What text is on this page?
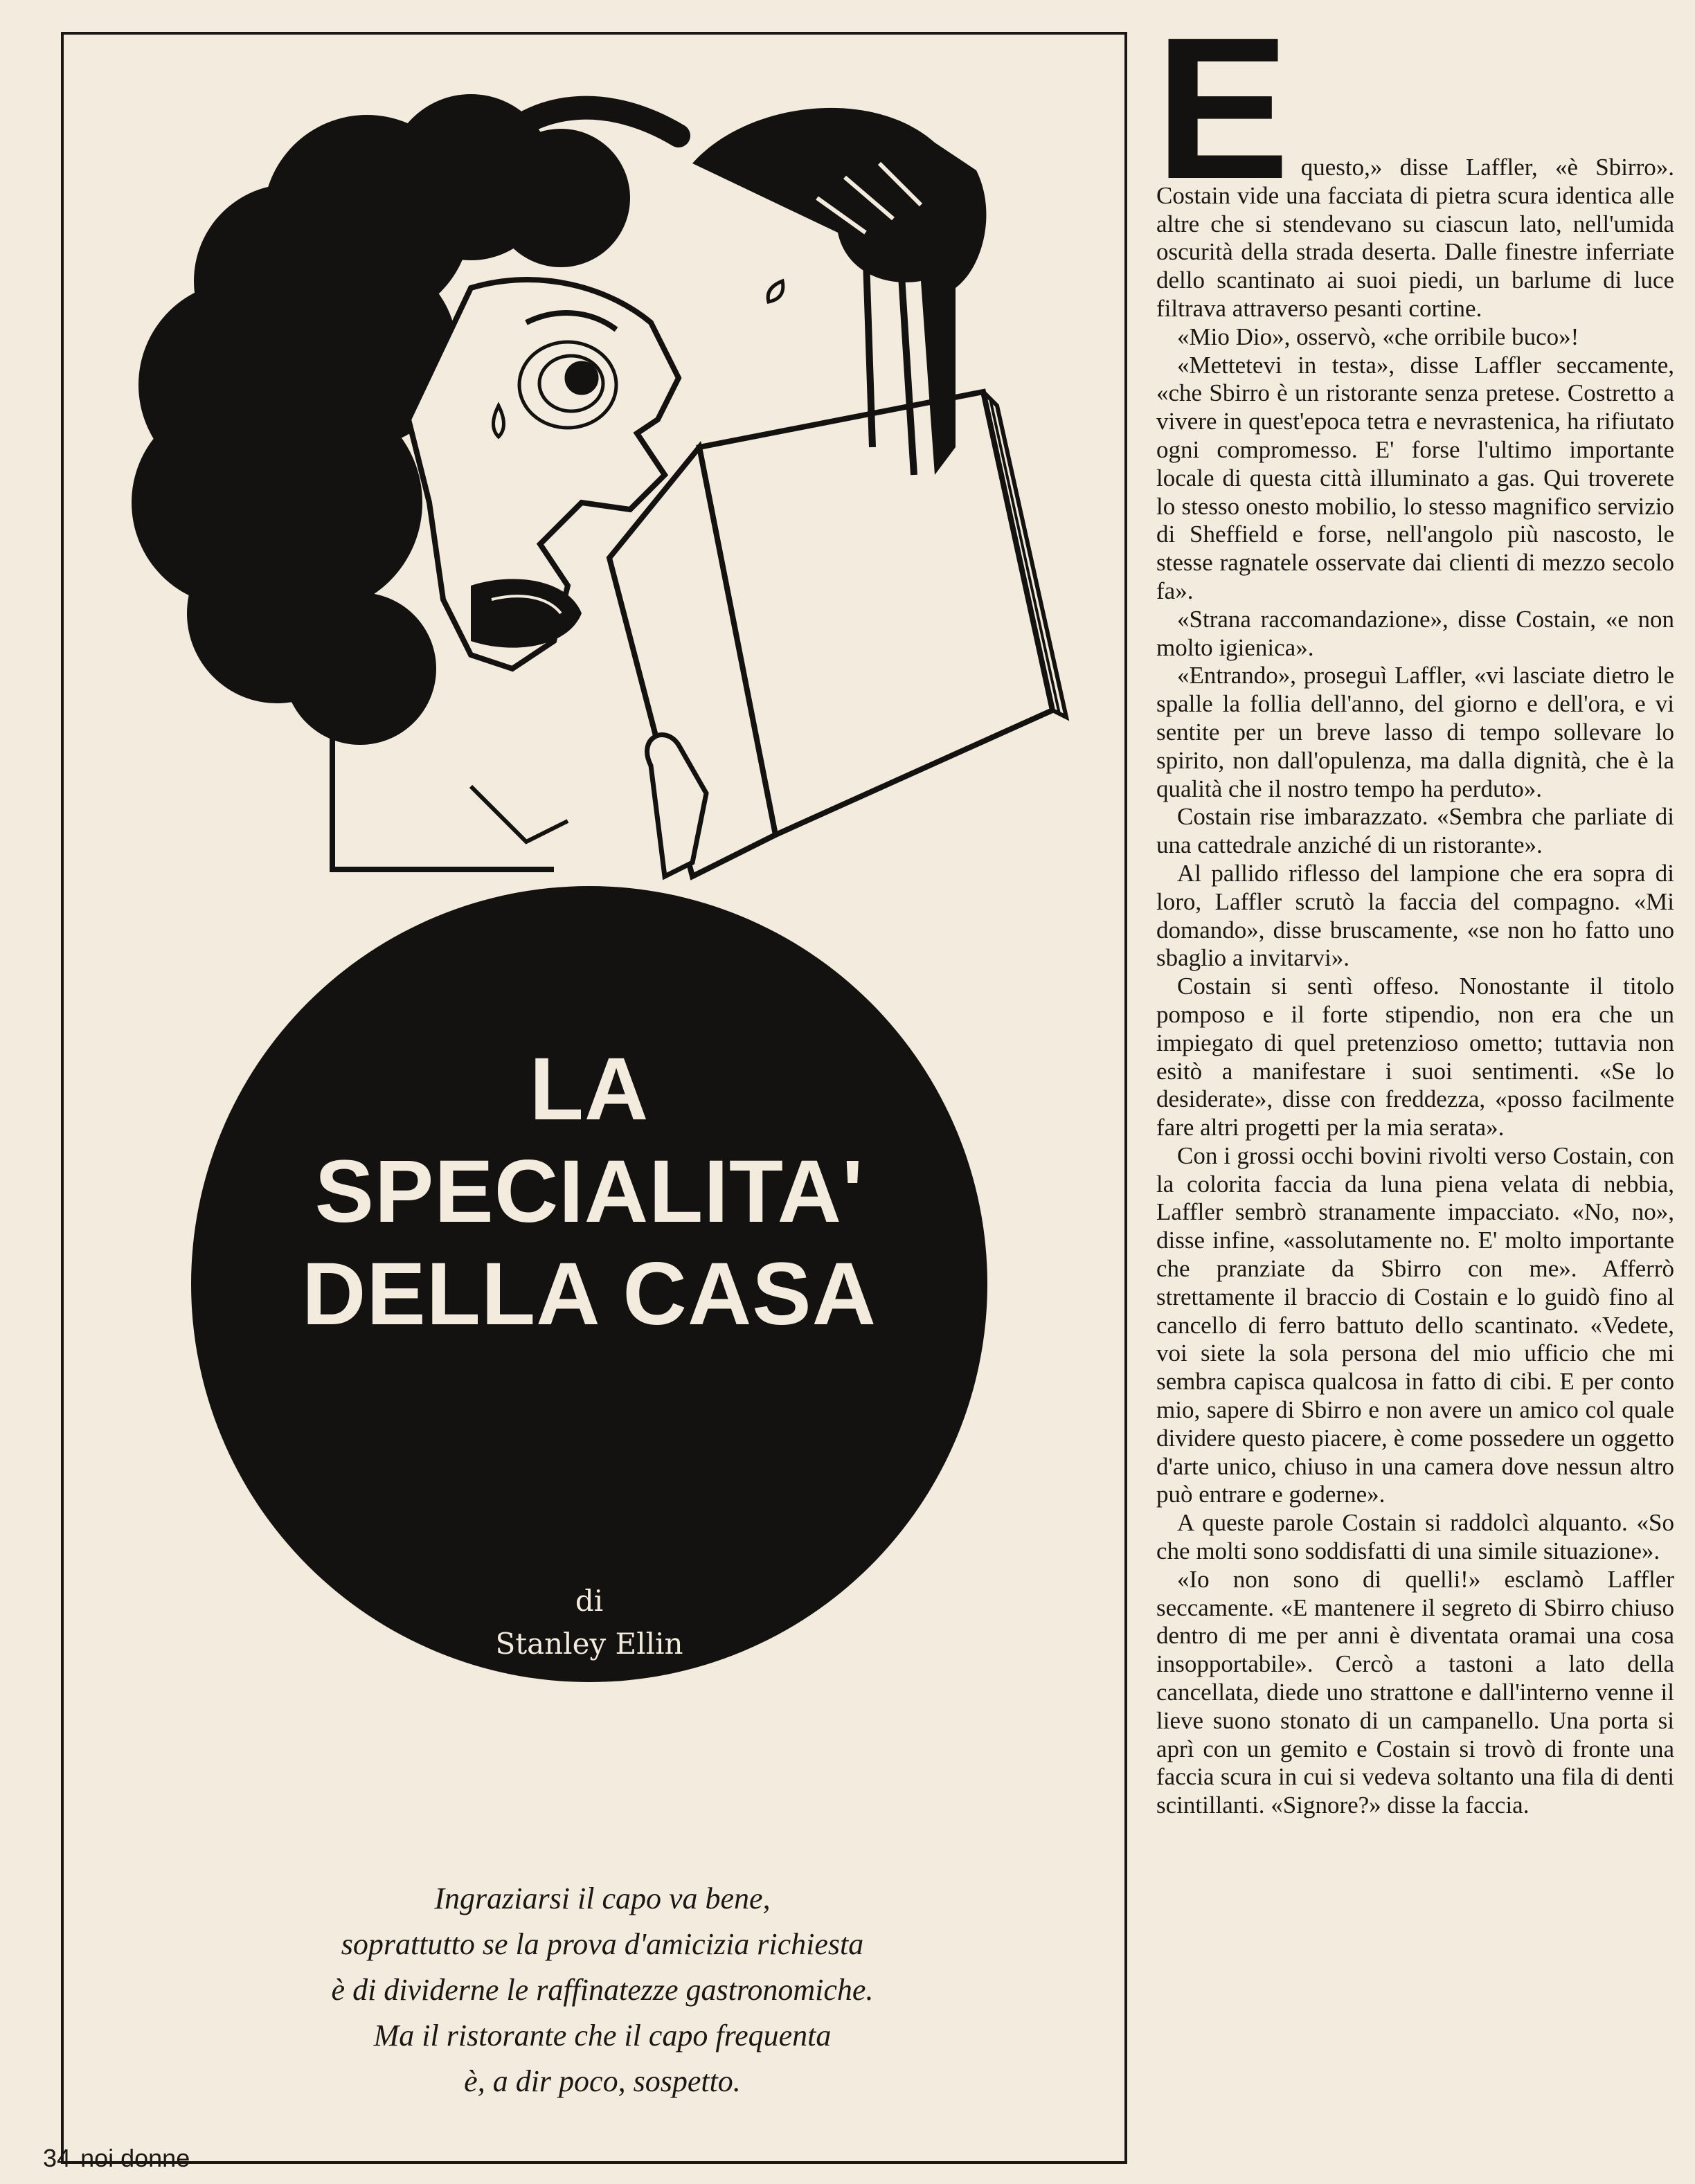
LA
SPECIALITA'
DELLA CASA
di
Stanley Ellin
Ingraziarsi il capo va bene,
soprattutto se la prova d'amicizia richiesta
è di dividerne le raffinatezze gastronomiche.
Ma il ristorante che il capo frequenta
è, a dir poco, sospetto.
34 noi donne
E questo,» disse Laffler, «è Sbirro». Costain vide una facciata di pietra scura identica alle altre che si stendevano su ciascun lato, nell'umida oscurità della strada deserta. Dalle finestre inferriate dello scantinato ai suoi piedi, un barlume di luce filtrava attraverso pesanti cortine.

«Mio Dio», osservò, «che orribile buco»!

«Mettetevi in testa», disse Laffler seccamente, «che Sbirro è un ristorante senza pretese. Costretto a vivere in quest'epoca tetra e nevrastenica, ha rifiutato ogni compromesso. E' forse l'ultimo importante locale di questa città illuminato a gas. Qui troverete lo stesso onesto mobilio, lo stesso magnifico servizio di Sheffield e forse, nell'angolo più nascosto, le stesse ragnatele osservate dai clienti di mezzo secolo fa».

«Strana raccomandazione», disse Costain, «e non molto igienica».

«Entrando», proseguì Laffler, «vi lasciate dietro le spalle la follia dell'anno, del giorno e dell'ora, e vi sentite per un breve lasso di tempo sollevare lo spirito, non dall'opulenza, ma dalla dignità, che è la qualità che il nostro tempo ha perduto».

Costain rise imbarazzato. «Sembra che parliate di una cattedrale anziché di un ristorante».

Al pallido riflesso del lampione che era sopra di loro, Laffler scrutò la faccia del compagno. «Mi domando», disse bruscamente, «se non ho fatto uno sbaglio a invitarvi».

Costain si sentì offeso. Nonostante il titolo pomposo e il forte stipendio, non era che un impiegato di quel pretenzioso ometto; tuttavia non esitò a manifestare i suoi sentimenti. «Se lo desiderate», disse con freddezza, «posso facilmente fare altri progetti per la mia serata».

Con i grossi occhi bovini rivolti verso Costain, con la colorita faccia da luna piena velata di nebbia, Laffler sembrò stranamente impacciato. «No, no», disse infine, «assolutamente no. E' molto importante che pranziate da Sbirro con me». Afferrò strettamente il braccio di Costain e lo guidò fino al cancello di ferro battuto dello scantinato. «Vedete, voi siete la sola persona del mio ufficio che mi sembra capisca qualcosa in fatto di cibi. E per conto mio, sapere di Sbirro e non avere un amico col quale dividere questo piacere, è come possedere un oggetto d'arte unico, chiuso in una camera dove nessun altro può entrare e goderne».

A queste parole Costain si raddolcì alquanto. «So che molti sono soddisfatti di una simile situazione».

«Io non sono di quelli!» esclamò Laffler seccamente. «E mantenere il segreto di Sbirro chiuso dentro di me per anni è diventata oramai una cosa insopportabile». Cercò a tastoni a lato della cancellata, diede uno strattone e dall'interno venne il lieve suono stonato di un campanello. Una porta si aprì con un gemito e Costain si trovò di fronte una faccia scura in cui si vedeva soltanto una fila di denti scintillanti. «Signore?» disse la faccia.
